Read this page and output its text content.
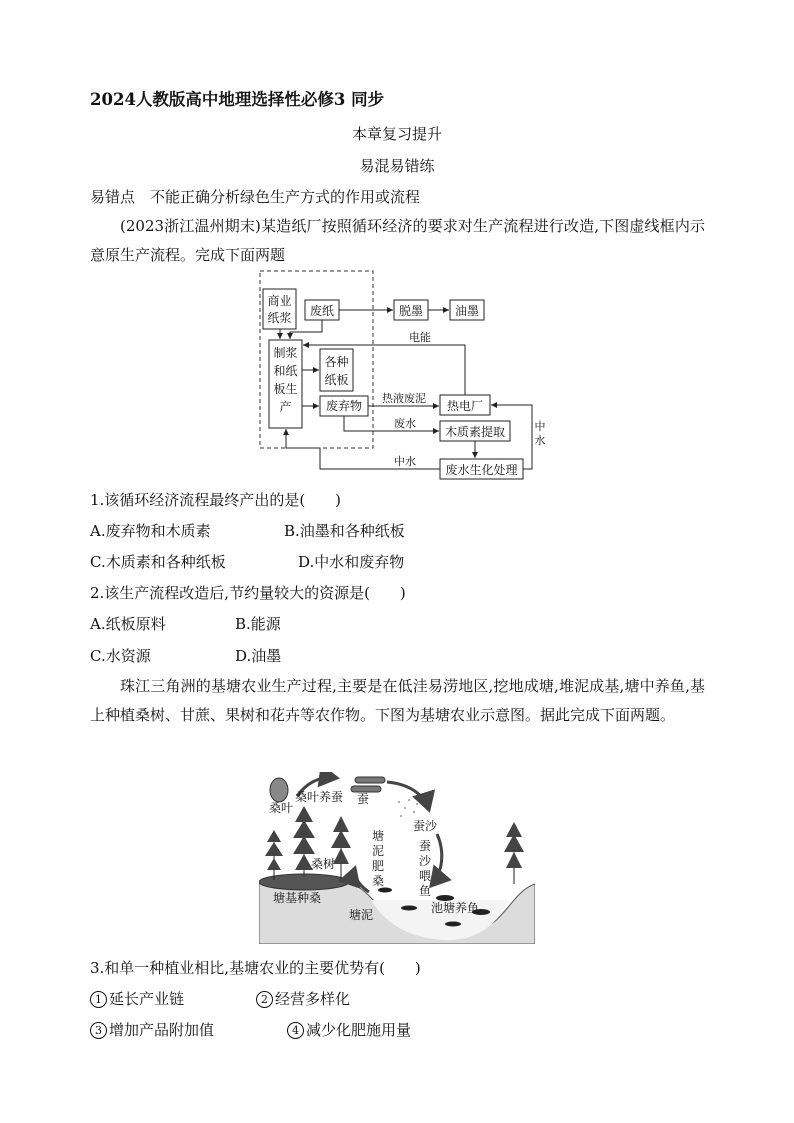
2024人教版高中地理选择性必修3 同步
本章复习提升
易混易错练
易错点　不能正确分析绿色生产方式的作用或流程
(2023浙江温州期末)某造纸厂按照循环经济的要求对生产流程进行改造,下图虚线框内示意原生产流程。完成下面两题
商业
纸浆 废纸	脱墨	油墨
制浆
和纸
板生
产
各种
纸板
废弃物	热电厂
木质素提取
废水生化处理
电能
热液废泥
废水
中水
中
水
1.该循环经济流程最终产出的是(　　)
A.废弃物和木质素	B.油墨和各种纸板
C.木质素和各种纸板	D.中水和废弃物
2.该生产流程改造后,节约量较大的资源是(　　)
A.纸板原料	B.能源
C.水资源	D.油墨
珠江三角洲的基塘农业生产过程,主要是在低洼易涝地区,挖地成塘,堆泥成基,塘中养鱼,基上种植桑树、甘蔗、果树和花卉等农作物。下图为基塘农业示意图。据此完成下面两题。
桑叶
桑叶养蚕 蚕
蚕沙
蚕
沙
喂
鱼
塘
泥
肥
桑
桑树
塘基种桑
塘泥	池塘养鱼
3.和单一种植业相比,基塘农业的主要优势有(　　)
1 延长产业链	2 经营多样化
3 增加产品附加值	4 减少化肥施用量
